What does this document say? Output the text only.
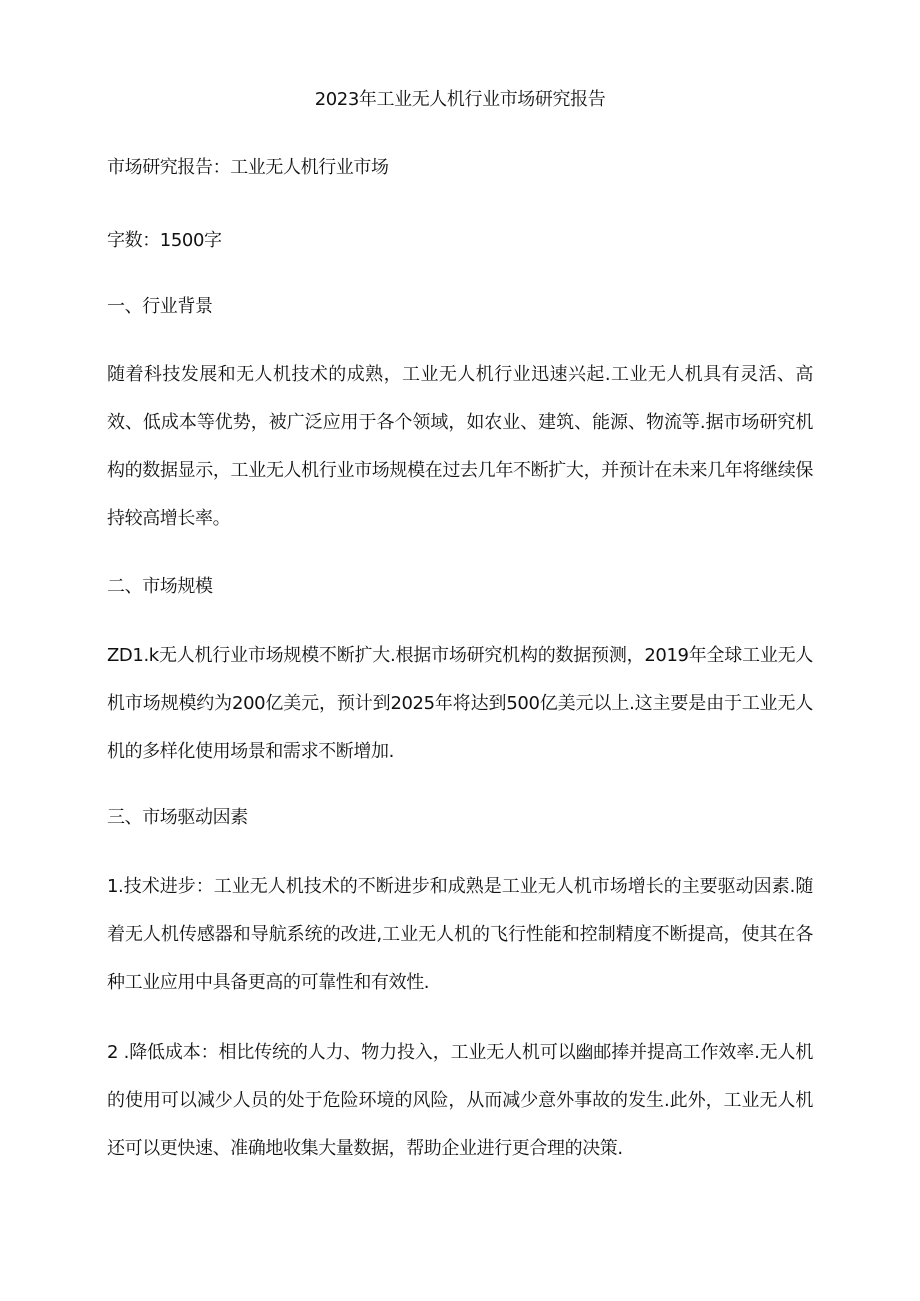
2023年工业无人机行业市场研究报告
市场研究报告：工业无人机行业市场
字数：1500字
一、行业背景
随着科技发展和无人机技术的成熟，工业无人机行业迅速兴起.工业无人机具有灵活、高效、低成本等优势，被广泛应用于各个领域，如农业、建筑、能源、物流等.据市场研究机构的数据显示，工业无人机行业市场规模在过去几年不断扩大，并预计在未来几年将继续保持较高增长率。
二、市场规模
ZD1.k无人机行业市场规模不断扩大.根据市场研究机构的数据预测，2019年全球工业无人机市场规模约为200亿美元，预计到2025年将达到500亿美元以上.这主要是由于工业无人机的多样化使用场景和需求不断增加.
三、市场驱动因素
1.技术进步：工业无人机技术的不断进步和成熟是工业无人机市场增长的主要驱动因素.随着无人机传感器和导航系统的改进,工业无人机的飞行性能和控制精度不断提高，使其在各种工业应用中具备更高的可靠性和有效性.
2 .降低成本：相比传统的人力、物力投入，工业无人机可以幽邮捧并提高工作效率.无人机的使用可以减少人员的处于危险环境的风险，从而减少意外事故的发生.此外，工业无人机还可以更快速、准确地收集大量数据，帮助企业进行更合理的决策.
